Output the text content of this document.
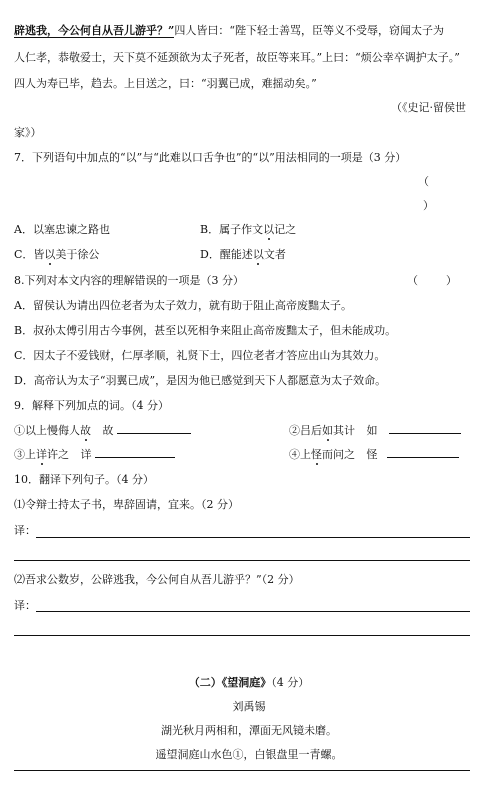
辟逃我，今公何自从吾儿游乎？”四人皆曰：“陛下轻士善骂，臣等义不受辱，窃闻太子为
人仁孝，恭敬爱士，天下莫不延颈欲为太子死者，故臣等来耳。”上曰：“烦公幸卒调护太子。”
四人为寿已毕，趋去。上目送之，曰：“羽翼已成，难摇动矣。”
（《史记·留侯世
家》）
7．下列语句中加点的“以”与“此难以口舌争也”的“以”用法相同的一项是（3 分）
（
）
A．以塞忠谏之路也	B．属子作文以记之
C．皆以美于徐公	D．醒能述以文者
8.下列对本文内容的理解错误的一项是（3 分）	（        ）
A．留侯认为请出四位老者为太子效力，就有助于阻止高帝废黜太子。
B．叔孙太傅引用古今事例，甚至以死相争来阻止高帝废黜太子，但未能成功。
C．因太子不爱钱财，仁厚孝顺，礼贤下士，四位老者才答应出山为其效力。
D．高帝认为太子“羽翼已成”，是因为他已感觉到天下人都愿意为太子效命。
9．解释下列加点的词。（4 分）
①以上慢侮人故 故	②吕后如其计 如
③上详许之 详	④上怪而问之 怪
10．翻译下列句子。（4 分）
⑴令辩士持太子书，卑辞固请，宜来。（2 分）
译：
⑵吾求公数岁，公辟逃我，今公何自从吾儿游乎？”（2 分）
译：
（二）《望洞庭》（4 分）
刘禹锡
湖光秋月两相和，潭面无风镜未磨。
遥望洞庭山水色①，白银盘里一青螺。
